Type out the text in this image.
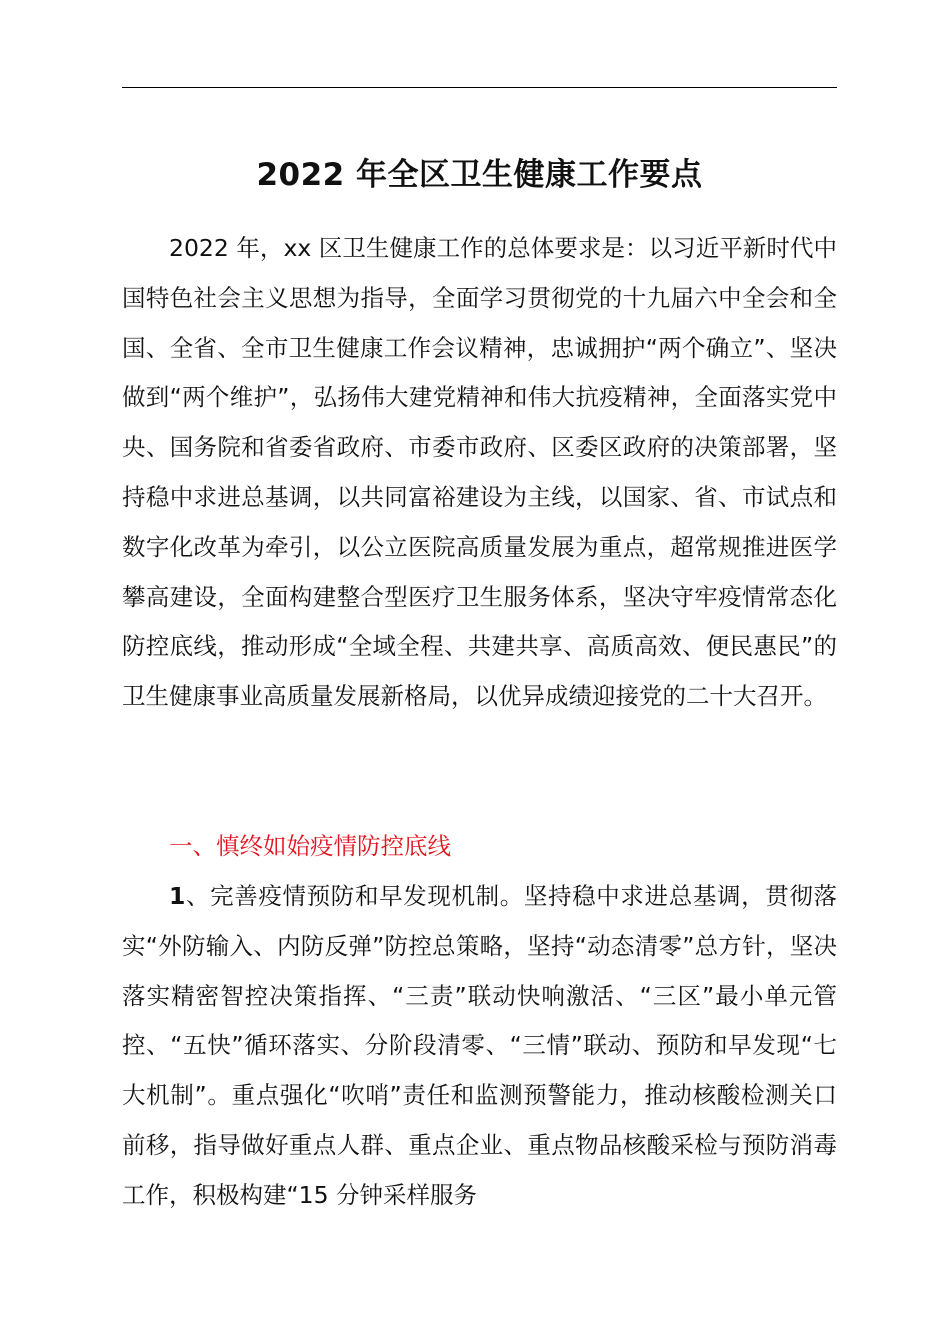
2022 年全区卫生健康工作要点

2022 年，xx 区卫生健康工作的总体要求是：以习近平新时代中国特色社会主义思想为指导，全面学习贯彻党的十九届六中全会和全国、全省、全市卫生健康工作会议精神，忠诚拥护“两个确立”、坚决做到“两个维护”，弘扬伟大建党精神和伟大抗疫精神，全面落实党中央、国务院和省委省政府、市委市政府、区委区政府的决策部署，坚持稳中求进总基调，以共同富裕建设为主线，以国家、省、市试点和数字化改革为牵引，以公立医院高质量发展为重点，超常规推进医学攀高建设，全面构建整合型医疗卫生服务体系，坚决守牢疫情常态化防控底线，推动形成“全域全程、共建共享、高质高效、便民惠民”的卫生健康事业高质量发展新格局，以优异成绩迎接党的二十大召开。

一、慎终如始疫情防控底线

1、完善疫情预防和早发现机制。坚持稳中求进总基调，贯彻落实“外防输入、内防反弹”防控总策略，坚持“动态清零”总方针，坚决落实精密智控决策指挥、“三责”联动快响激活、“三区”最小单元管控、“五快”循环落实、分阶段清零、“三情”联动、预防和早发现“七大机制”。重点强化“吹哨”责任和监测预警能力，推动核酸检测关口前移，指导做好重点人群、重点企业、重点物品核酸采检与预防消毒工作，积极构建“15 分钟采样服务
